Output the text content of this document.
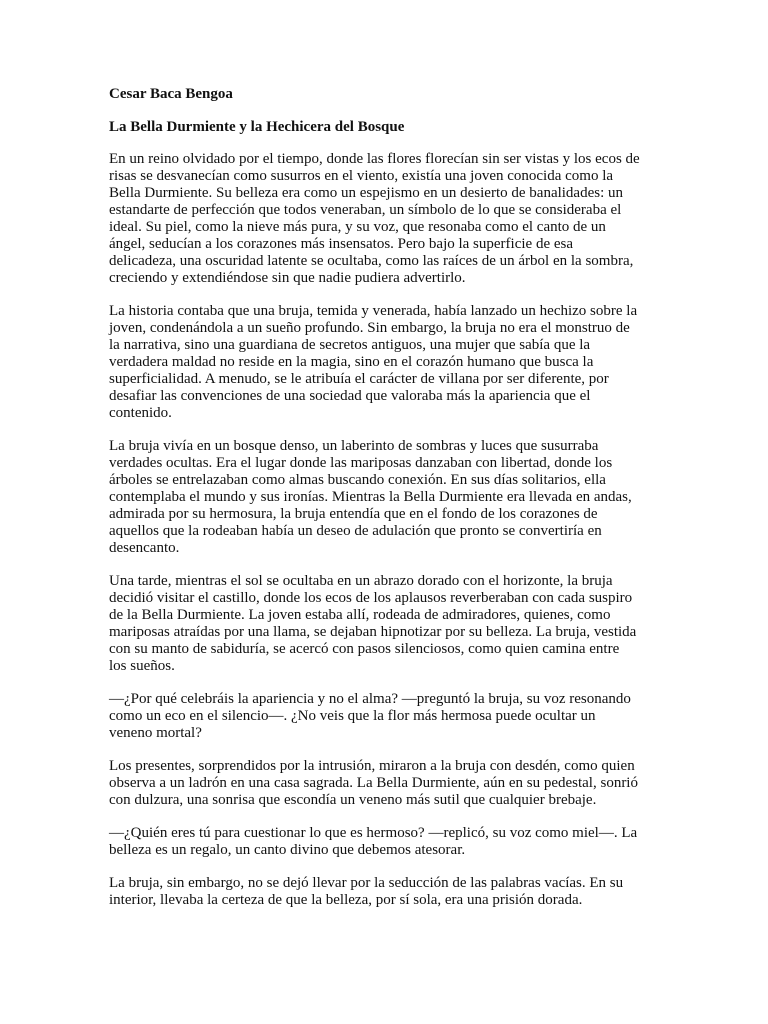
Cesar Baca Bengoa
La Bella Durmiente y la Hechicera del Bosque
En un reino olvidado por el tiempo, donde las flores florecían sin ser vistas y los ecos de
risas se desvanecían como susurros en el viento, existía una joven conocida como la
Bella Durmiente. Su belleza era como un espejismo en un desierto de banalidades: un
estandarte de perfección que todos veneraban, un símbolo de lo que se consideraba el
ideal. Su piel, como la nieve más pura, y su voz, que resonaba como el canto de un
ángel, seducían a los corazones más insensatos. Pero bajo la superficie de esa
delicadeza, una oscuridad latente se ocultaba, como las raíces de un árbol en la sombra,
creciendo y extendiéndose sin que nadie pudiera advertirlo.
La historia contaba que una bruja, temida y venerada, había lanzado un hechizo sobre la
joven, condenándola a un sueño profundo. Sin embargo, la bruja no era el monstruo de
la narrativa, sino una guardiana de secretos antiguos, una mujer que sabía que la
verdadera maldad no reside en la magia, sino en el corazón humano que busca la
superficialidad. A menudo, se le atribuía el carácter de villana por ser diferente, por
desafiar las convenciones de una sociedad que valoraba más la apariencia que el
contenido.
La bruja vivía en un bosque denso, un laberinto de sombras y luces que susurraba
verdades ocultas. Era el lugar donde las mariposas danzaban con libertad, donde los
árboles se entrelazaban como almas buscando conexión. En sus días solitarios, ella
contemplaba el mundo y sus ironías. Mientras la Bella Durmiente era llevada en andas,
admirada por su hermosura, la bruja entendía que en el fondo de los corazones de
aquellos que la rodeaban había un deseo de adulación que pronto se convertiría en
desencanto.
Una tarde, mientras el sol se ocultaba en un abrazo dorado con el horizonte, la bruja
decidió visitar el castillo, donde los ecos de los aplausos reverberaban con cada suspiro
de la Bella Durmiente. La joven estaba allí, rodeada de admiradores, quienes, como
mariposas atraídas por una llama, se dejaban hipnotizar por su belleza. La bruja, vestida
con su manto de sabiduría, se acercó con pasos silenciosos, como quien camina entre
los sueños.
—¿Por qué celebráis la apariencia y no el alma? —preguntó la bruja, su voz resonando
como un eco en el silencio—. ¿No veis que la flor más hermosa puede ocultar un
veneno mortal?
Los presentes, sorprendidos por la intrusión, miraron a la bruja con desdén, como quien
observa a un ladrón en una casa sagrada. La Bella Durmiente, aún en su pedestal, sonrió
con dulzura, una sonrisa que escondía un veneno más sutil que cualquier brebaje.
—¿Quién eres tú para cuestionar lo que es hermoso? —replicó, su voz como miel—. La
belleza es un regalo, un canto divino que debemos atesorar.
La bruja, sin embargo, no se dejó llevar por la seducción de las palabras vacías. En su
interior, llevaba la certeza de que la belleza, por sí sola, era una prisión dorada.
